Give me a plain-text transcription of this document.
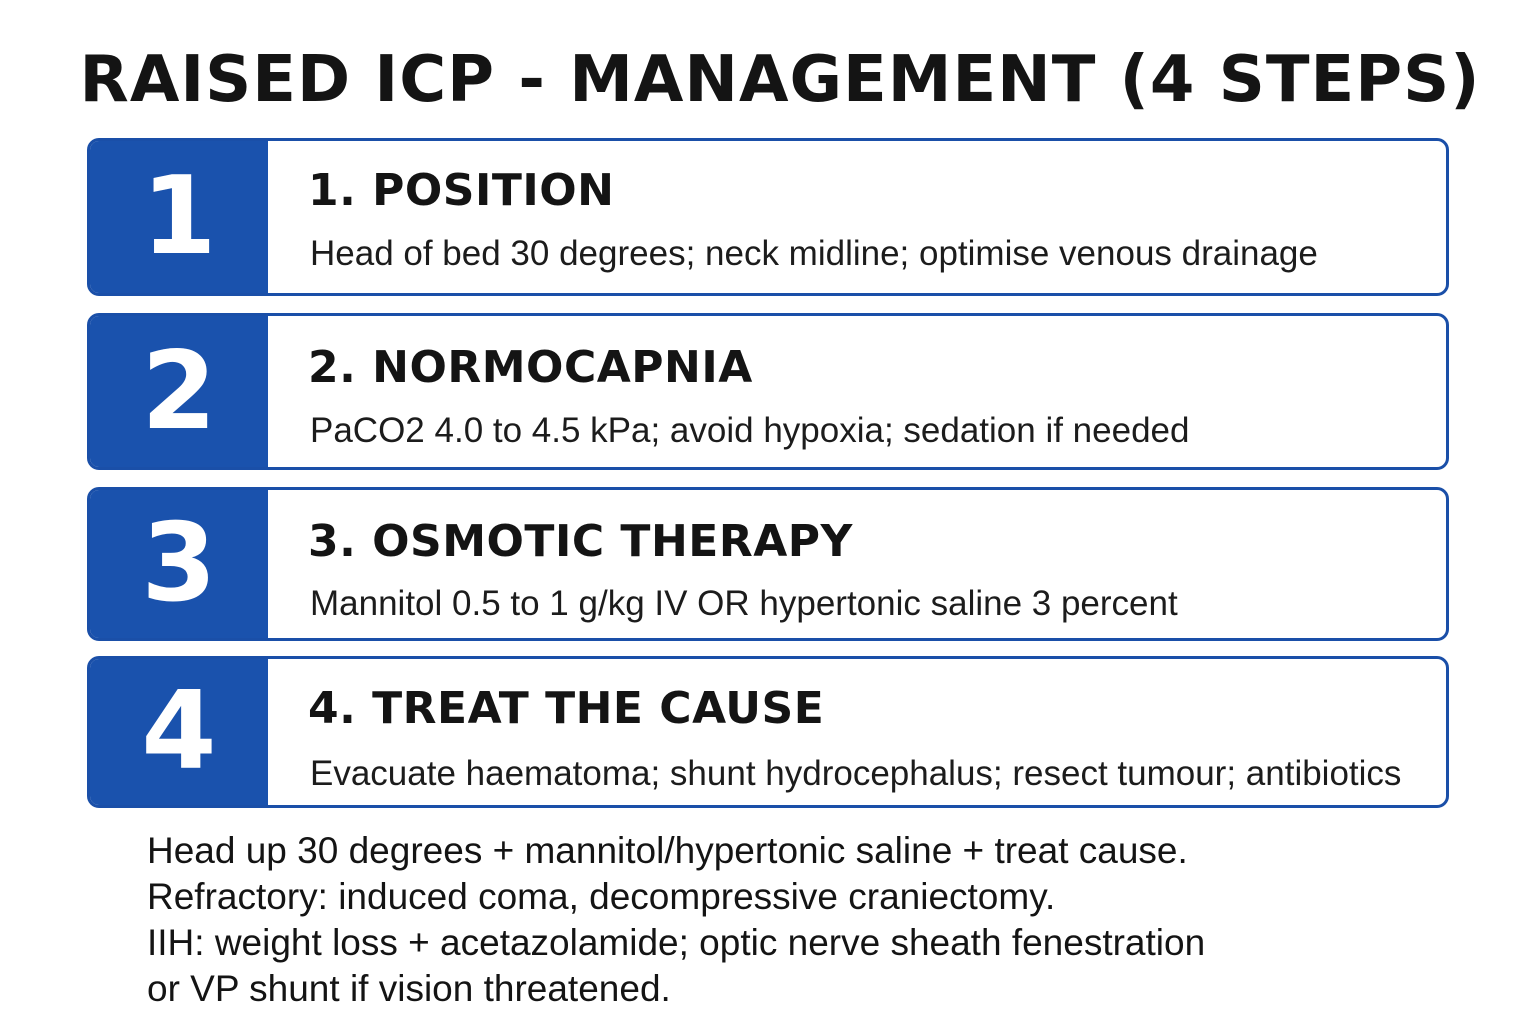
RAISED ICP - MANAGEMENT (4 STEPS)
1 1. POSITION
Head of bed 30 degrees; neck midline; optimise venous drainage
2 2. NORMOCAPNIA
PaCO2 4.0 to 4.5 kPa; avoid hypoxia; sedation if needed
3 3. OSMOTIC THERAPY
Mannitol 0.5 to 1 g/kg IV OR hypertonic saline 3 percent
4 4. TREAT THE CAUSE
Evacuate haematoma; shunt hydrocephalus; resect tumour; antibiotics
Head up 30 degrees + mannitol/hypertonic saline + treat cause.
Refractory: induced coma, decompressive craniectomy.
IIH: weight loss + acetazolamide; optic nerve sheath fenestration
or VP shunt if vision threatened.
